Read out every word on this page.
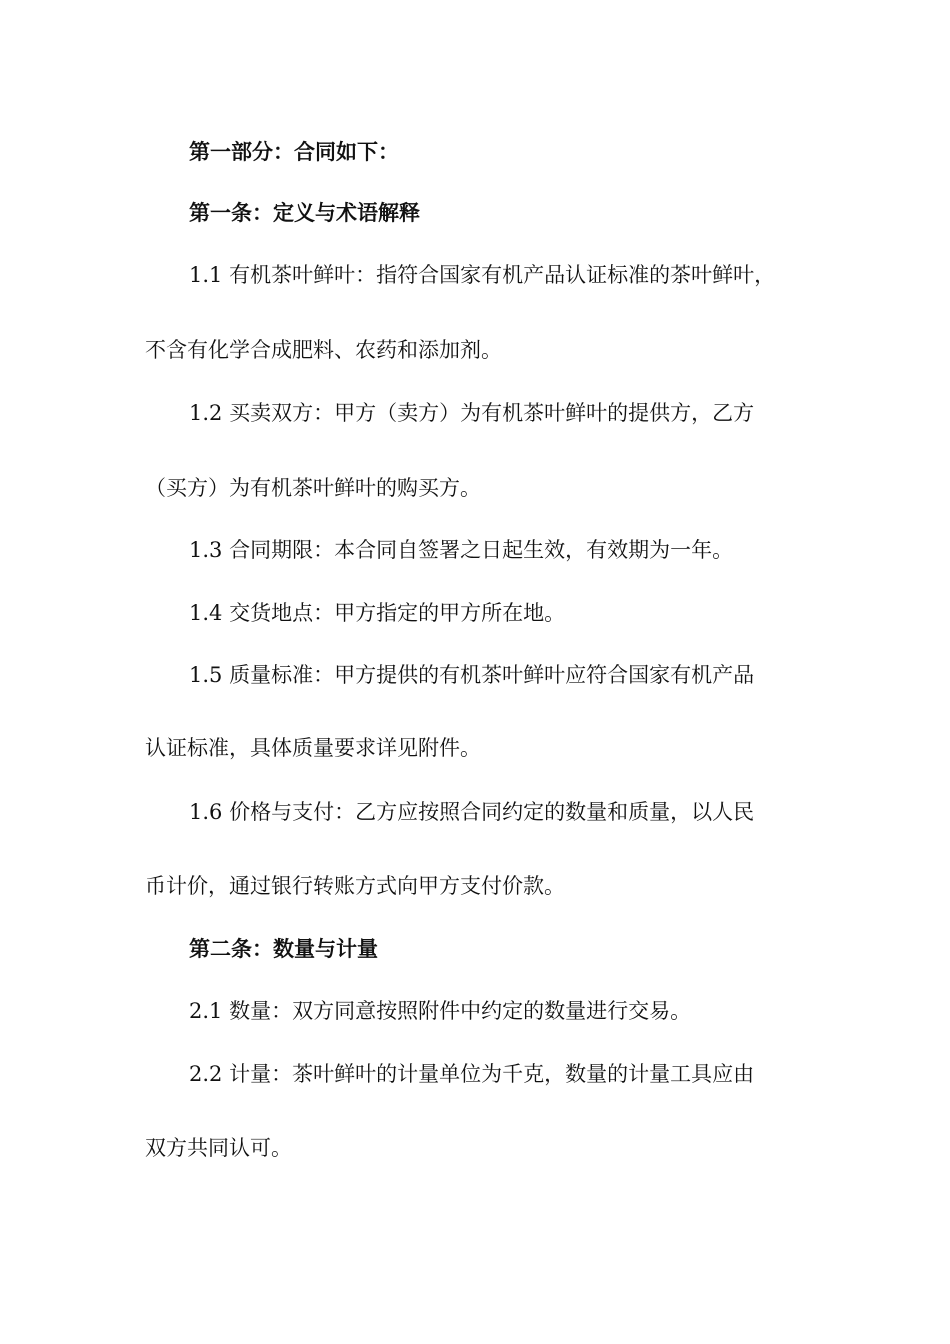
第一部分：合同如下：
第一条：定义与术语解释
1.1 有机茶叶鲜叶：指符合国家有机产品认证标准的茶叶鲜叶，
不含有化学合成肥料、农药和添加剂。
1.2 买卖双方：甲方（卖方）为有机茶叶鲜叶的提供方，乙方
（买方）为有机茶叶鲜叶的购买方。
1.3 合同期限：本合同自签署之日起生效，有效期为一年。
1.4 交货地点：甲方指定的甲方所在地。
1.5 质量标准：甲方提供的有机茶叶鲜叶应符合国家有机产品
认证标准，具体质量要求详见附件。
1.6 价格与支付：乙方应按照合同约定的数量和质量，以人民
币计价，通过银行转账方式向甲方支付价款。
第二条：数量与计量
2.1 数量：双方同意按照附件中约定的数量进行交易。
2.2 计量：茶叶鲜叶的计量单位为千克，数量的计量工具应由
双方共同认可。
